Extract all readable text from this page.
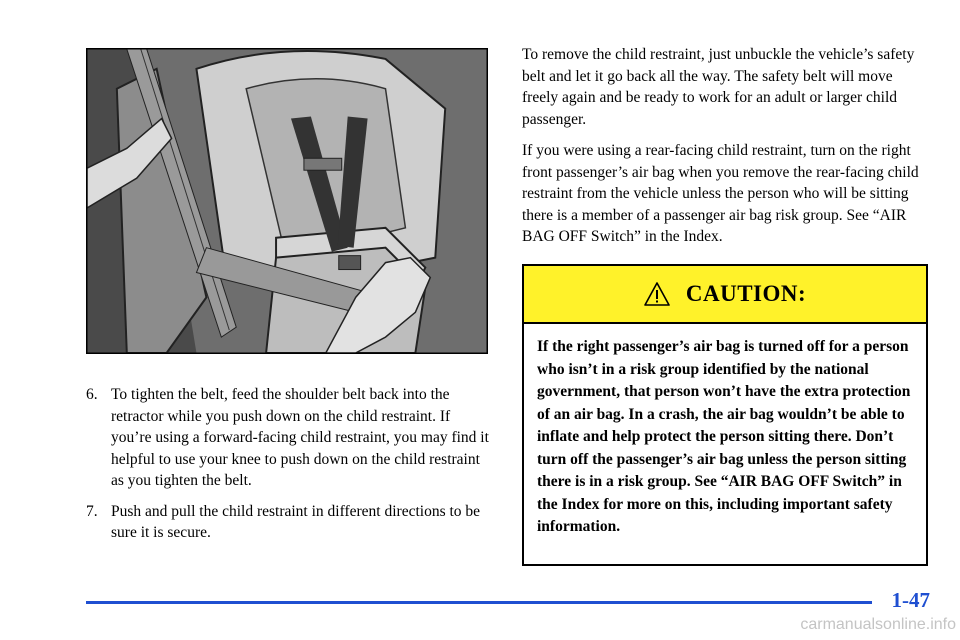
6. To tighten the belt, feed the shoulder belt back into the retractor while you push down on the child restraint. If you’re using a forward-facing child restraint, you may find it helpful to use your knee to push down on the child restraint as you tighten the belt.
7. Push and pull the child restraint in different directions to be sure it is secure.

To remove the child restraint, just unbuckle the vehicle’s safety belt and let it go back all the way. The safety belt will move freely again and be ready to work for an adult or larger child passenger.

If you were using a rear-facing child restraint, turn on the right front passenger’s air bag when you remove the rear-facing child restraint from the vehicle unless the person who will be sitting there is a member of a passenger air bag risk group. See “AIR BAG OFF Switch” in the Index.

CAUTION:
If the right passenger’s air bag is turned off for a person who isn’t in a risk group identified by the national government, that person won’t have the extra protection of an air bag. In a crash, the air bag wouldn’t be able to inflate and help protect the person sitting there. Don’t turn off the passenger’s air bag unless the person sitting there is in a risk group. See “AIR BAG OFF Switch” in the Index for more on this, including important safety information.
1-47
carmanualsonline.info
